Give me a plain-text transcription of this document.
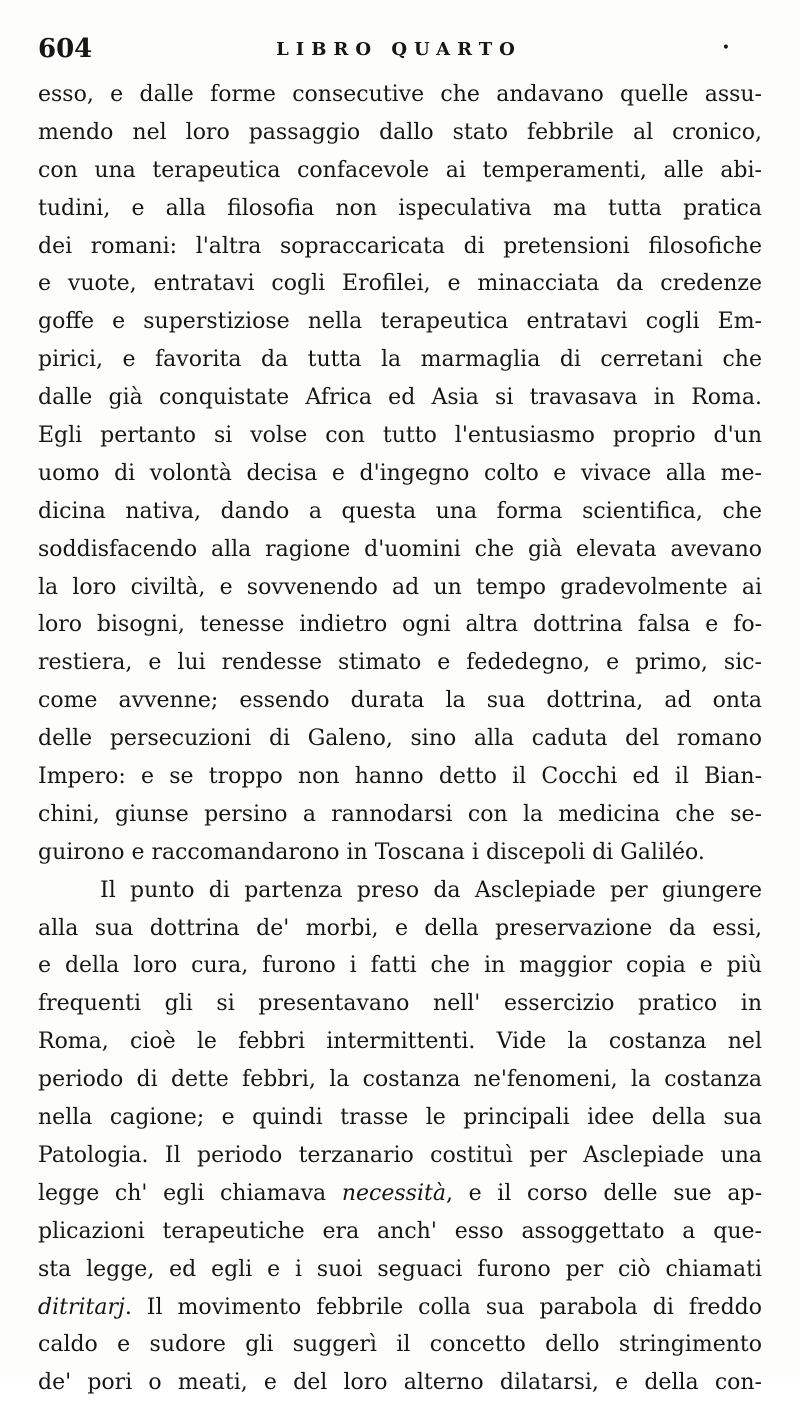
604	LIBRO QUARTO	•
esso, e dalle forme consecutive che andavano quelle assu-
mendo nel loro passaggio dallo stato febbrile al cronico,
con una terapeutica confacevole ai temperamenti, alle abi-
tudini, e alla filosofia non ispeculativa ma tutta pratica
dei romani: l'altra sopraccaricata di pretensioni filosofiche
e vuote, entratavi cogli Erofilei, e minacciata da credenze
goffe e superstiziose nella terapeutica entratavi cogli Em-
pirici, e favorita da tutta la marmaglia di cerretani che
dalle già conquistate Africa ed Asia si travasava in Roma.
Egli pertanto si volse con tutto l'entusiasmo proprio d'un
uomo di volontà decisa e d'ingegno colto e vivace alla me-
dicina nativa, dando a questa una forma scientifica, che
soddisfacendo alla ragione d'uomini che già elevata avevano
la loro civiltà, e sovvenendo ad un tempo gradevolmente ai
loro bisogni, tenesse indietro ogni altra dottrina falsa e fo-
restiera, e lui rendesse stimato e fededegno, e primo, sic-
come avvenne; essendo durata la sua dottrina, ad onta
delle persecuzioni di Galeno, sino alla caduta del romano
Impero: e se troppo non hanno detto il Cocchi ed il Bian-
chini, giunse persino a rannodarsi con la medicina che se-
guirono e raccomandarono in Toscana i discepoli di Galiléo.
Il punto di partenza preso da Asclepiade per giungere
alla sua dottrina de' morbi, e della preservazione da essi,
e della loro cura, furono i fatti che in maggior copia e più
frequenti gli si presentavano nell' essercizio pratico in
Roma, cioè le febbri intermittenti. Vide la costanza nel
periodo di dette febbri, la costanza ne'fenomeni, la costanza
nella cagione; e quindi trasse le principali idee della sua
Patologia. Il periodo terzanario costituì per Asclepiade una
legge ch' egli chiamava necessità, e il corso delle sue ap-
plicazioni terapeutiche era anch' esso assoggettato a que-
sta legge, ed egli e i suoi seguaci furono per ciò chiamati
ditritarj. Il movimento febbrile colla sua parabola di freddo
caldo e sudore gli suggerì il concetto dello stringimento
de' pori o meati, e del loro alterno dilatarsi, e della con-
